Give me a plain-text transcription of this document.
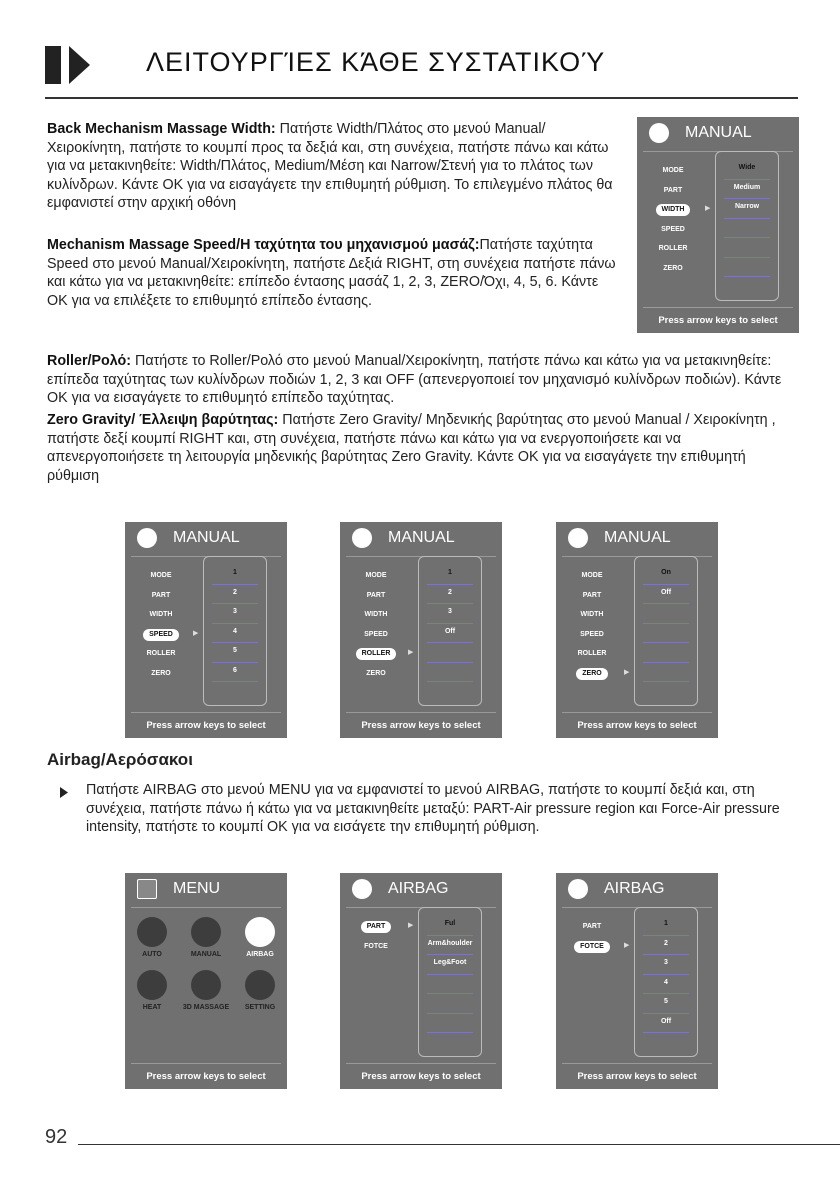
ΛΕΙΤΟΥΡΓΊΕΣ ΚΆΘΕ ΣΥΣΤΑΤΙΚΟΎ
Back Mechanism Massage Width: Πατήστε Width/Πλάτος στο μενού Manual/Χειροκίνητη, πατήστε το κουμπί προς τα δεξιά και, στη συνέχεια, πατήστε πάνω και κάτω για να μετακινηθείτε: Width/Πλάτος, Medium/Μέση και Narrow/Στενή για το πλάτος των κυλίνδρων. Κάντε ΟΚ για να εισαγάγετε την επιθυμητή ρύθμιση. Το επιλεγμένο πλάτος θα εμφανιστεί στην αρχική οθόνη
Mechanism Massage Speed/Η ταχύτητα του μηχανισμού μασάζ:Πατήστε ταχύτητα Speed στο μενού Manual/Χειροκίνητη, πατήστε Δεξιά RIGHT, στη συνέχεια πατήστε πάνω και κάτω για να μετακινηθείτε: επίπεδο έντασης μασάζ 1, 2, 3, ZERO/Όχι, 4, 5, 6. Κάντε ΟΚ για να επιλέξετε το επιθυμητό επίπεδο έντασης.
Roller/Ρολό: Πατήστε το Roller/Ρολό στο μενού Manual/Χειροκίνητη, πατήστε πάνω και κάτω για να μετακινηθείτε: επίπεδα ταχύτητας των κυλίνδρων ποδιών 1, 2, 3 και OFF (απενεργοποιεί τον μηχανισμό κυλίνδρων ποδιών). Κάντε ΟΚ για να εισαγάγετε το επιθυμητό επίπεδο ταχύτητας.
Zero Gravity/ Έλλειψη βαρύτητας: Πατήστε Zero Gravity/ Μηδενικής βαρύτητας στο μενού Manual / Χειροκίνητη , πατήστε δεξί κουμπί RIGHT και, στη συνέχεια, πατήστε πάνω και κάτω για να ενεργοποιήσετε και να απενεργοποιήσετε τη λειτουργία μηδενικής βαρύτητας Zero Gravity. Κάντε ΟΚ για να εισαγάγετε την επιθυμητή ρύθμιση
Airbag/Αερόσακοι
Πατήστε AIRBAG στο μενού MENU για να εμφανιστεί το μενού AIRBAG, πατήστε το κουμπί δεξιά και, στη συνέχεια, πατήστε πάνω ή κάτω για να μετακινηθείτε μεταξύ: PART-Air pressure region και Force-Air pressure intensity, πατήστε το κουμπί ΟΚ για να εισάγετε την επιθυμητή ρύθμιση.
MANUAL
MODE
PART
WIDTH
SPEED
ROLLER
ZERO
▶
Wide
Medium
Narrow
Press arrow keys to select
MANUAL
MODE
PART
WIDTH
SPEED
ROLLER
ZERO
▶
1
2
3
4
5
6
Press arrow keys to select
MANUAL
MODE
PART
WIDTH
SPEED
ROLLER
ZERO
▶
1
2
3
Off
Press arrow keys to select
MANUAL
MODE
PART
WIDTH
SPEED
ROLLER
ZERO	▶
On
Off
Press arrow keys to select
MENU
AUTO	MANUAL	AIRBAG
HEAT	3D MASSAGE	SETTING
Press arrow keys to select
AIRBAG
PART
FOTCE
▶	Ful
Arm&houlder
Leg&Foot
Press arrow keys to select
AIRBAG
PART
FOTCE	▶
1
2
3
4
5
Off
Press arrow keys to select
92
